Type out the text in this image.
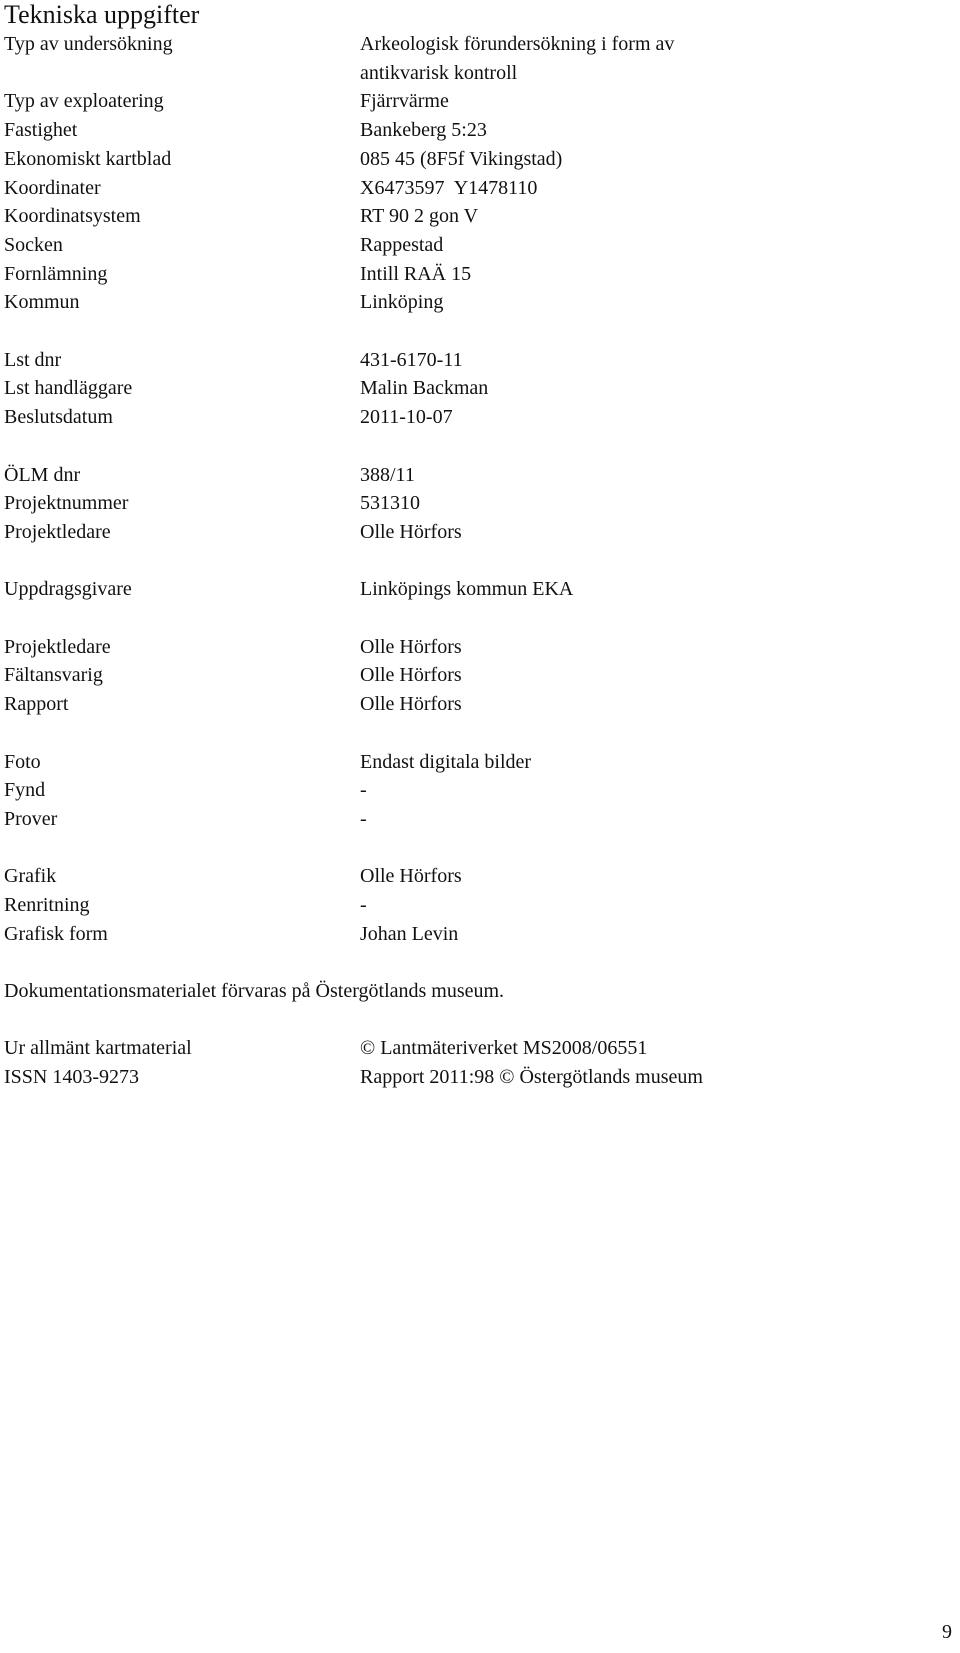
Tekniska uppgifter
Typ av undersökning	Arkeologisk förundersökning i form av antikvarisk kontroll
Typ av exploatering	Fjärrvärme
Fastighet	Bankeberg 5:23
Ekonomiskt kartblad	085 45 (8F5f Vikingstad)
Koordinater	X6473597  Y1478110
Koordinatsystem	RT 90 2 gon V
Socken	Rappestad
Fornlämning	Intill RAÄ 15
Kommun	Linköping
Lst dnr	431-6170-11
Lst handläggare	Malin Backman
Beslutsdatum	2011-10-07
ÖLM dnr	388/11
Projektnummer	531310
Projektledare	Olle Hörfors
Uppdragsgivare	Linköpings kommun EKA
Projektledare	Olle Hörfors
Fältansvarig	Olle Hörfors
Rapport	Olle Hörfors
Foto	Endast digitala bilder
Fynd	-
Prover	-
Grafik	Olle Hörfors
Renritning	-
Grafisk form	Johan Levin
Dokumentationsmaterialet förvaras på Östergötlands museum.
Ur allmänt kartmaterial	© Lantmäteriverket MS2008/06551
ISSN 1403-9273	Rapport 2011:98 © Östergötlands museum
9
